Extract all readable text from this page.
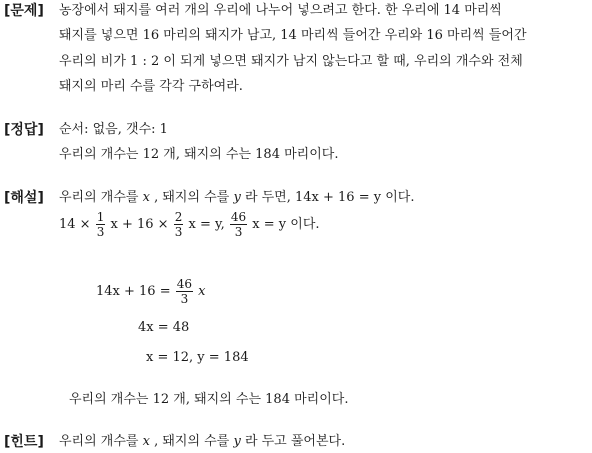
[문제] 농장에서 돼지를 여러 개의 우리에 나누어 넣으려고 한다. 한 우리에 14 마리씩
돼지를 넣으면 16 마리의 돼지가 남고, 14 마리씩 들어간 우리와 16 마리씩 들어간
우리의 비가 1 : 2 이 되게 넣으면 돼지가 남지 않는다고 할 때, 우리의 개수와 전체
돼지의 마리 수를 각각 구하여라.
[정답] 순서: 없음, 갯수: 1
우리의 개수는 12 개, 돼지의 수는 184 마리이다.
[해설] 우리의 개수를 x , 돼지의 수를 y 라 두면, 14x + 16 = y 이다.
$14 \times \frac{1}{3}$ $x + 16 \times \frac{2}{3}$ x = y, $\frac{46}{3}$ x = y 이다.
$14x + 16 = \frac{46}{3}$ x
4x = 48
x = 12, y = 184
우리의 개수는 12 개, 돼지의 수는 184 마리이다.
[힌트] 우리의 개수를 x , 돼지의 수를 y 라 두고 풀어본다.
